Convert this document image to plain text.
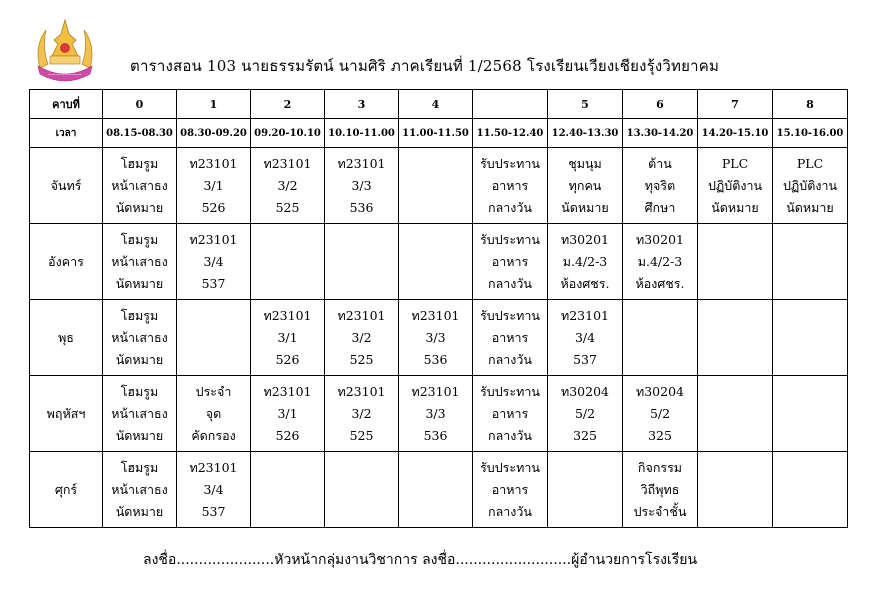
~~~~~~~~~~	ตารางสอน 103 นายธรรมรัตน์ นามศิริ ภาคเรียนที่ 1/2568 โรงเรียนเวียงเชียงรุ้งวิทยาคม
คาบที่	0	1	2	3	4		5	6	7	8
เวลา	08.15-08.30	08.30-09.20	09.20-10.10	10.10-11.00	11.00-11.50	11.50-12.40	12.40-13.30	13.30-14.20	14.20-15.10	15.10-16.00
จันทร์	โฮมรูม
หน้าเสาธง
นัดหมาย	ท23101
3/1
526	ท23101
3/2
525	ท23101
3/3
536		รับประทาน
อาหาร
กลางวัน	ชุมนุม
ทุกคน
นัดหมาย	ต้าน
ทุจริต
ศึกษา	PLC
ปฏิบัติงาน
นัดหมาย	PLC
ปฏิบัติงาน
นัดหมาย

อังคาร	โฮมรูม
หน้าเสาธง
นัดหมาย	ท23101
3/4
537				รับประทาน
อาหาร
กลางวัน	ท30201
ม.4/2-3
ห้องศชร.	ท30201
ม.4/2-3
ห้องศชร.		

พุธ	โฮมรูม
หน้าเสาธง
นัดหมาย		ท23101
3/1
526	ท23101
3/2
525	ท23101
3/3
536	รับประทาน
อาหาร
กลางวัน	ท23101
3/4
537			

พฤหัสฯ	โฮมรูม
หน้าเสาธง
นัดหมาย	ประจำ
จุด
คัดกรอง	ท23101
3/1
526	ท23101
3/2
525	ท23101
3/3
536	รับประทาน
อาหาร
กลางวัน	ท30204
5/2
325	ท30204
5/2
325		

ศุกร์	โฮมรูม
หน้าเสาธง
นัดหมาย	ท23101
3/4
537				รับประทาน
อาหาร
กลางวัน		กิจกรรม
วิถีพุทธ
ประจำชั้น		

ลงชื่อ......................หัวหน้ากลุ่มงานวิชาการ ลงชื่อ..........................ผู้อำนวยการโรงเรียน
